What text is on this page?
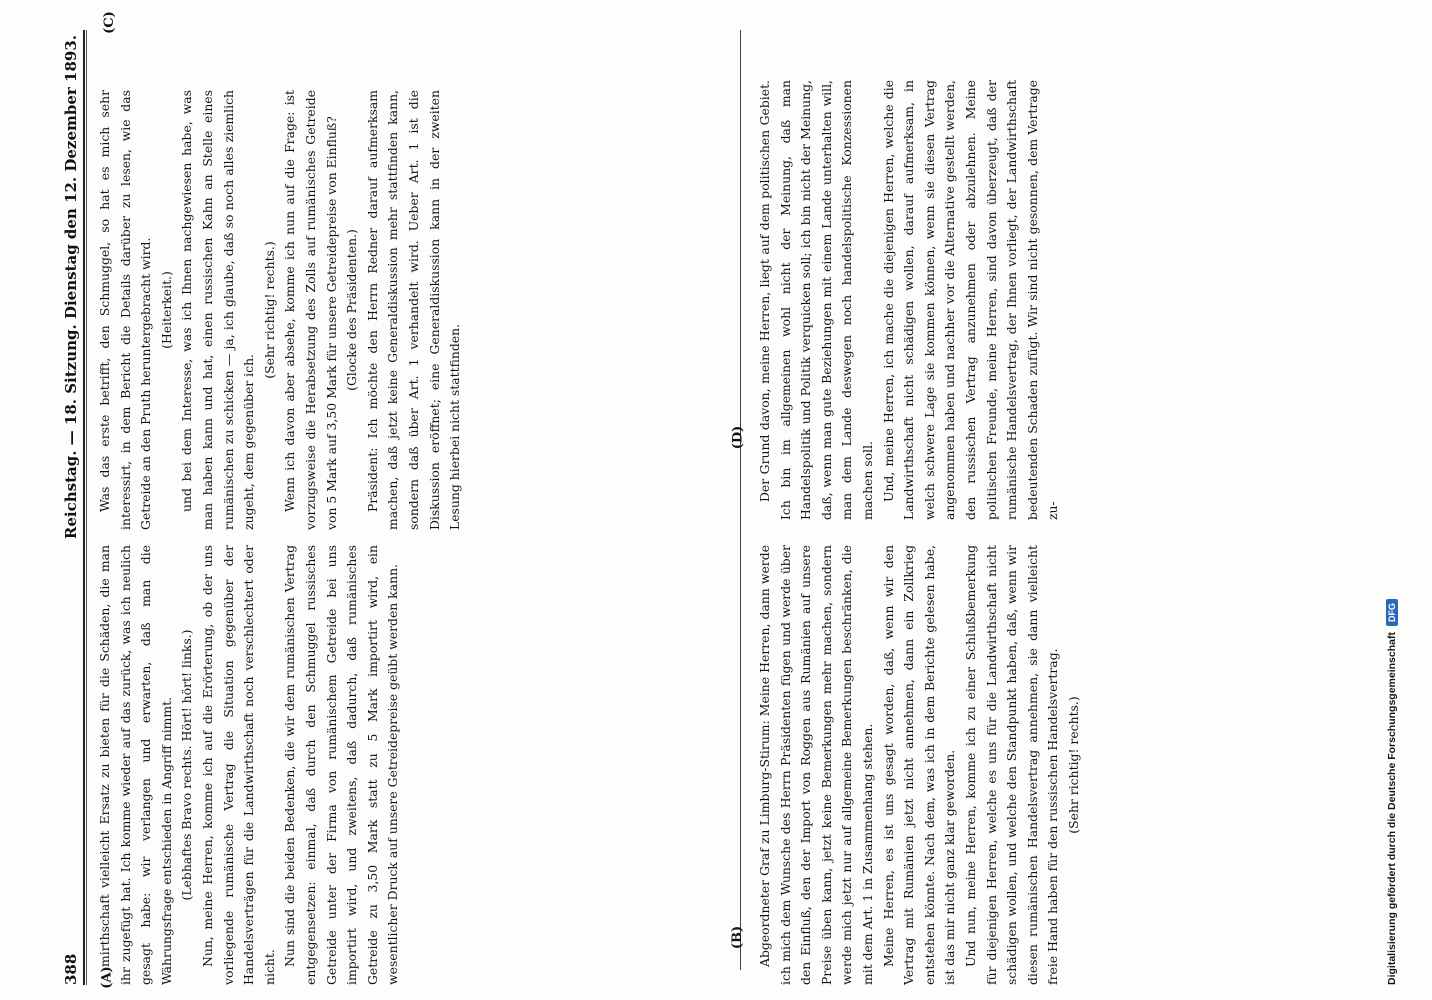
388
Reichstag. — 18. Sitzung. Dienstag den 12. Dezember 1893.

mirthschaft vielleicht Ersatz zu bieten für die Schäden, die man ihr zugefügt hat. Ich komme wieder auf das zurück, was ich neulich gesagt habe: wir verlangen und erwarten, daß man die Währungsfrage entschieden in Angriff nimmt. (Lebhaftes Bravo rechts. Hört! hört! links.) Nun, meine Herren, komme ich auf die Erörterung, ob der uns vorliegende rumänische Vertrag die Situation gegenüber der Handelsverträgen für die Landwirthschaft noch verschlechtert oder nicht.

Nun sind die beiden Bedenken, die wir dem rumänischen Vertrag entgegensetzen: einmal, daß durch den Schmuggel russisches Getreide unter der Firma von rumänischem Getreide bei uns importirt wird, und zweitens, daß dadurch, daß rumänisches Getreide zu 3,50 Mark statt zu 5 Mark importirt wird, ein wesentlicher Druck auf unsere Getreidepreise geübt werden kann.

Was das erste betrifft, den Schmuggel, so hat es mich sehr interessirt, in dem Bericht die Details darüber zu lesen, wie das Getreide an den Pruth heruntergebracht wird. (Heiterkeit.) und bei dem Interesse, was ich Ihnen nachgewiesen habe, was man haben kann und hat, einen russischen Kahn an Stelle eines rumänischen zu schicken — ja, ich glaube, daß so noch alles ziemlich zugeht, dem gegenüber ich.

(Sehr richtig! rechts.) Wenn ich davon aber absehe, komme ich nun auf die Frage: ist vorzugsweise die Herabsetzung des Zolls auf rumänisches Getreide von 5 Mark auf 3,50 Mark für unsere Getreidepreise von Einfluß? (Glocke des Präsidenten.) Präsident: Ich möchte den Herrn Redner darauf aufmerksam machen, daß jetzt keine Generaldiskussion mehr stattfinden kann, sondern daß über Art. 1 verhandelt wird. Ueber Art. 1 ist die Diskussion eröffnet; eine Generaldiskussion kann in der zweiten Lesung hierbei nicht stattfinden.

Abgeordneter Graf zu Limburg-Stirum: Meine Herren, dann werde ich mich dem Wunsche des Herrn Präsidenten fügen und werde über den Einfluß, den der Import von Roggen aus Rumänien auf unsere Preise üben kann, jetzt keine Bemerkungen mehr machen, sondern werde mich jetzt nur auf allgemeine Bemerkungen beschränken, die mit dem Art. 1 in Zusammenhang stehen. Meine Herren, es ist uns gesagt worden, daß, wenn wir den Vertrag mit Rumänien jetzt nicht annehmen, dann ein Zollkrieg entstehen könnte. Nach dem, was ich in dem Berichte gelesen habe, ist das mir nicht ganz klar geworden. Und nun, meine Herren, komme ich zu einer Schlußbemerkung für diejenigen Herren, welche es uns für die Landwirthschaft nicht schädigen wollen, und welche den Standpunkt haben, daß, wenn wir diesen rumänischen Handelsvertrag annehmen, sie dann vielleicht freie Hand haben für den russischen Handelsvertrag. (Sehr richtig! rechts.)

Der Grund davon, meine Herren, liegt auf dem politischen Gebiet. Ich bin im allgemeinen wohl nicht der Meinung, daß man Handelspolitik und Politik verquicken soll; ich bin nicht der Meinung, daß, wenn man gute Beziehungen mit einem Lande unterhalten will, man dem Lande deswegen noch handelspolitische Konzessionen machen soll. Und, meine Herren, ich mache die diejenigen Herren, welche die Landwirthschaft nicht schädigen wollen, darauf aufmerksam, in welch schwere Lage sie kommen können, wenn sie diesen Vertrag angenommen haben und nachher vor die Alternative gestellt werden, den russischen Vertrag anzunehmen oder abzulehnen. Meine politischen Freunde, meine Herren, sind davon überzeugt, daß der rumänische Handelsvertrag, der Ihnen vorliegt, der Landwirthschaft bedeutenden Schaden zufügt. Wir sind nicht gesonnen, dem Vertrage zu-

(A)
(B)
(C)
(D)
Digitalisierung gefördert durch die Deutsche Forschungsgemeinschaft
DFG
